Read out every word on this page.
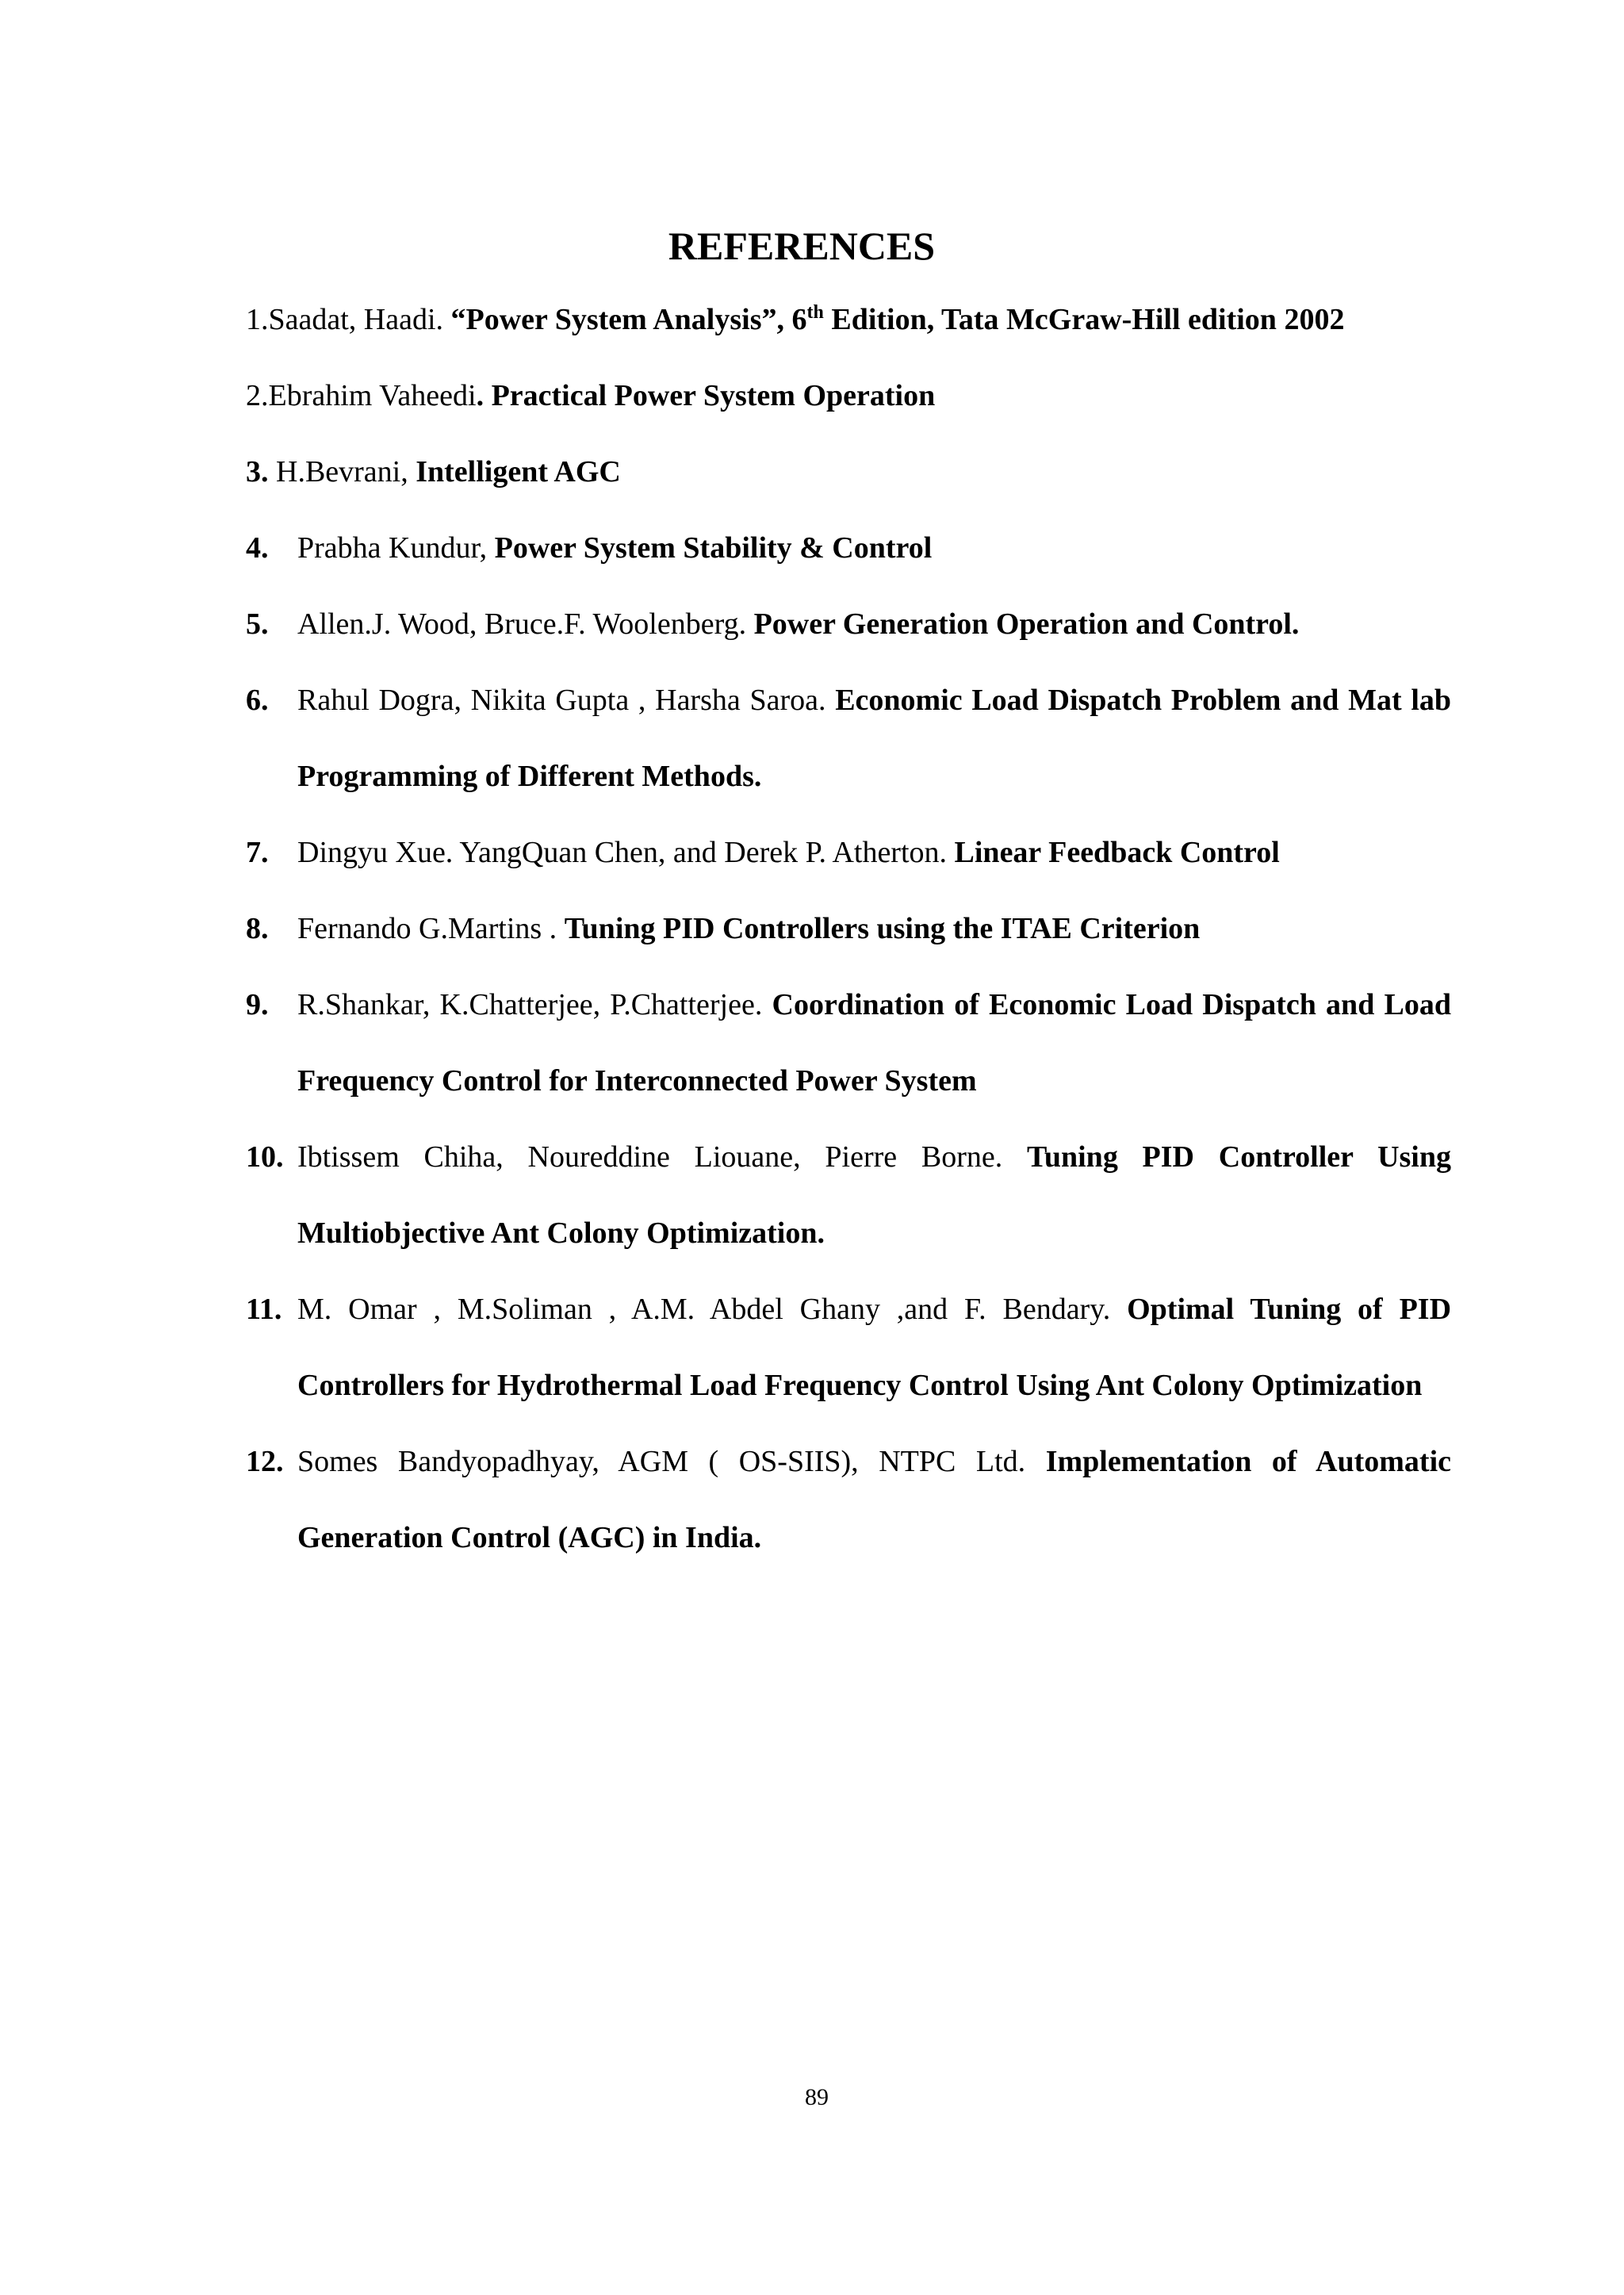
REFERENCES
1.Saadat, Haadi. “Power System Analysis”, 6th Edition, Tata McGraw-Hill edition 2002
2.Ebrahim Vaheedi. Practical Power System Operation
3. H.Bevrani, Intelligent AGC
4. Prabha Kundur, Power System Stability & Control
5. Allen.J. Wood, Bruce.F. Woolenberg. Power Generation Operation and Control.
6. Rahul Dogra, Nikita Gupta , Harsha Saroa. Economic Load Dispatch Problem and Mat lab Programming of Different Methods.
7. Dingyu Xue. YangQuan Chen, and Derek P. Atherton. Linear Feedback Control
8. Fernando G.Martins . Tuning PID Controllers using the ITAE Criterion
9. R.Shankar, K.Chatterjee, P.Chatterjee. Coordination of Economic Load Dispatch and Load Frequency Control for Interconnected Power System
10. Ibtissem Chiha, Noureddine Liouane, Pierre Borne. Tuning PID Controller Using Multiobjective Ant Colony Optimization.
11. M. Omar , M.Soliman , A.M. Abdel Ghany ,and F. Bendary. Optimal Tuning of PID Controllers for Hydrothermal Load Frequency Control Using Ant Colony Optimization
12. Somes Bandyopadhyay, AGM ( OS-SIIS), NTPC Ltd. Implementation of Automatic Generation Control (AGC) in India.
89
